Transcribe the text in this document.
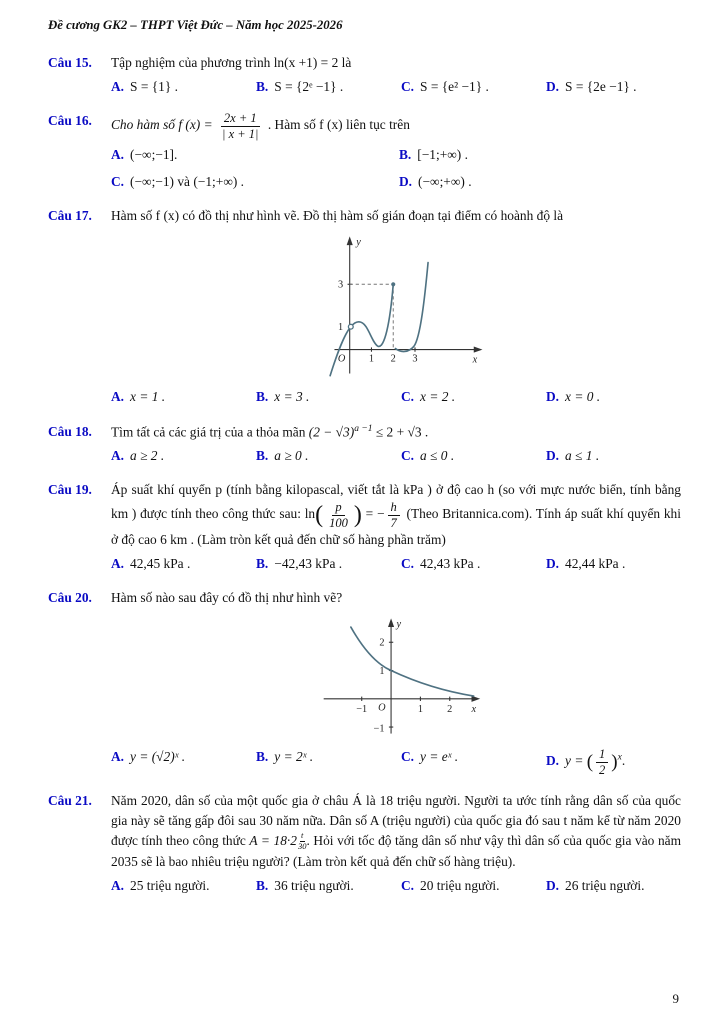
Đề cương GK2 – THPT Việt Đức – Năm học 2025-2026
Câu 15.	Tập nghiệm của phương trình ln(x +1) = 2 là
A. S = {1} .	B. S = {2ᵉ −1} .	C. S = {e² −1} .	D. S = {2e −1} .
Câu 16.	Cho hàm số f $(x) = \frac{2x + 1}{| x + 1|}$ . Hàm số f (x) liên tục trên
A. (−∞;−1].	B. [−1;+∞) .
C. (−∞;−1) và (−1;+∞) .	D. (−∞;+∞) .
Câu 17.	Hàm số f (x) có đồ thị như hình vẽ. Đồ thị hàm số gián đoạn tại điểm có hoành độ là
3
1
O 1 2 3
y
x
A. x = 1 .	B. x = 3 .	C. x = 2 .	D. x = 0 .
Câu 18.	Tìm tất cả các giá trị của a thỏa mãn $(2 - √3)^{a -1} \le 2 + √3$ .
A. a ≥ 2 .	B. a ≥ 0 .	C. a ≤ 0 .	D. a ≤ 1 .
Câu 19.	Áp suất khí quyển p (tính bằng kilopascal, viết tắt là kPa ) ở độ cao h (so với mực nước biển, tính bằng km ) được tính theo công thức sau: $\ln( \frac{p}{100}$ ) = − $\frac{h}{7}$ (Theo Britannica.com). Tính áp suất khí quyển khi ở độ cao 6 km . (Làm tròn kết quả đến chữ số hàng phần trăm)
A. 42,45 kPa .	B. −42,43 kPa .	C. 42,43 kPa .	D. 42,44 kPa .
Câu 20.	Hàm số nào sau đây có đồ thị như hình vẽ?
2
1
−1
O
−1	1	2
y
x
A. y = (√2)ˣ .	B. y = 2ˣ .	C. y = eˣ .	D. y = ( $\frac{1}{2} )^x$.
Câu 21.	Năm 2020, dân số của một quốc gia ở châu Á là 18 triệu người. Người ta ước tính rằng dân số của quốc gia này sẽ tăng gấp đôi sau 30 năm nữa. Dân số A (triệu người) của quốc gia đó sau t năm kể từ năm 2020 được tính theo công thức $A = 18\cdot 2 \frac{t}{30}$ . Hỏi với tốc độ tăng dân số như vậy thì dân số của quốc gia vào năm 2035 sẽ là bao nhiêu triệu người? (Làm tròn kết quả đến chữ số hàng triệu).
A. 25 triệu người.	B. 36 triệu người.	C. 20 triệu người.	D. 26 triệu người.
9
